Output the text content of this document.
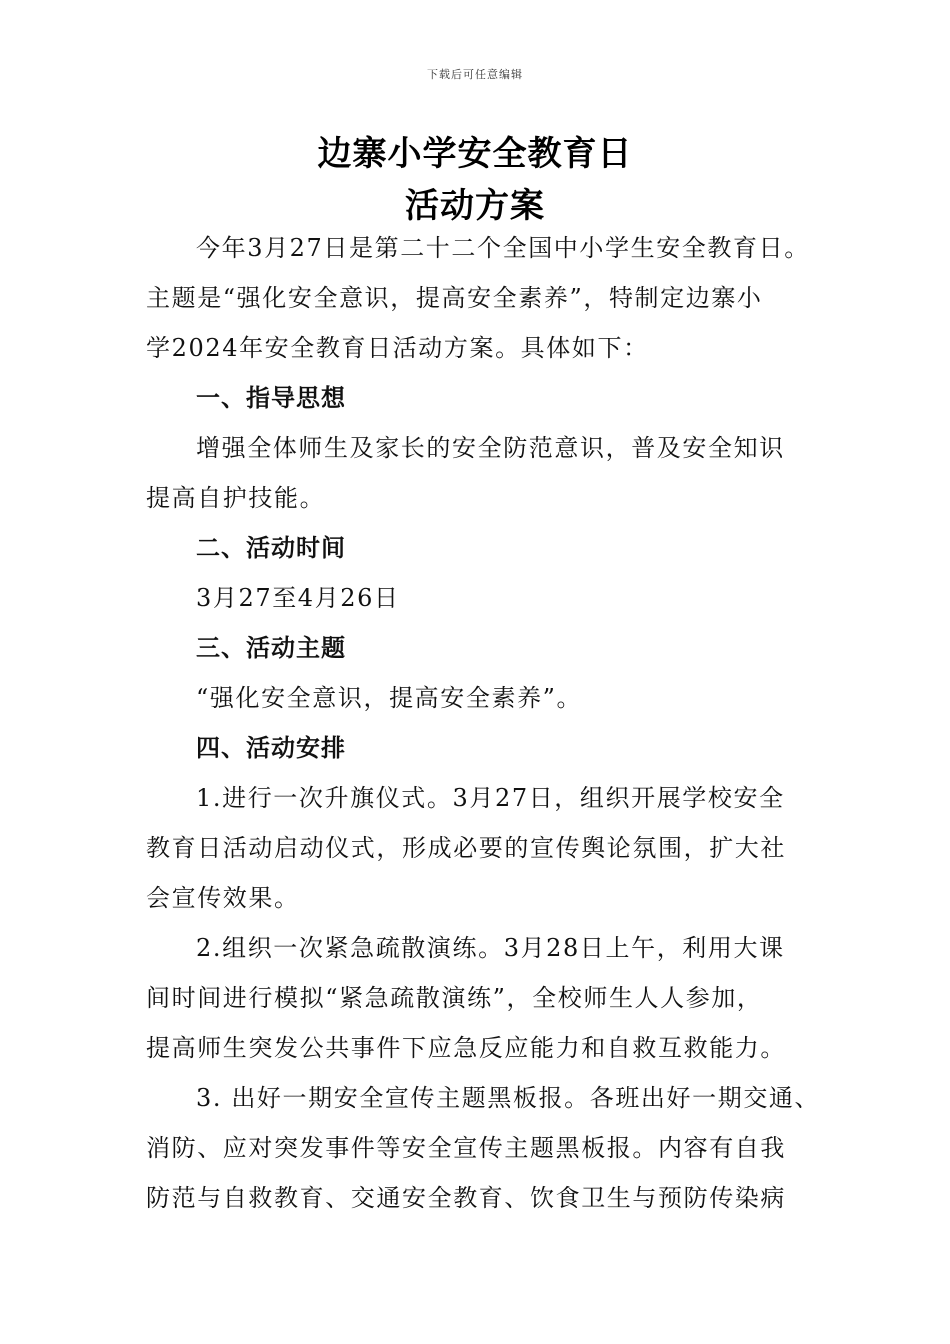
下载后可任意编辑
边寨小学安全教育日
活动方案
今年3月27日是第二十二个全国中小学生安全教育日。
主题是“强化安全意识，提高安全素养”，特制定边寨小
学2024年安全教育日活动方案。具体如下：
一、指导思想
增强全体师生及家长的安全防范意识，普及安全知识
提高自护技能。
二、活动时间
3月27至4月26日
三、活动主题
“强化安全意识，提高安全素养”。
四、活动安排
1.进行一次升旗仪式。3月27日，组织开展学校安全
教育日活动启动仪式，形成必要的宣传舆论氛围，扩大社
会宣传效果。
2.组织一次紧急疏散演练。3月28日上午，利用大课
间时间进行模拟“紧急疏散演练”，全校师生人人参加，
提高师生突发公共事件下应急反应能力和自救互救能力。
3. 出好一期安全宣传主题黑板报。各班出好一期交通、
消防、应对突发事件等安全宣传主题黑板报。内容有自我
防范与自救教育、交通安全教育、饮食卫生与预防传染病
